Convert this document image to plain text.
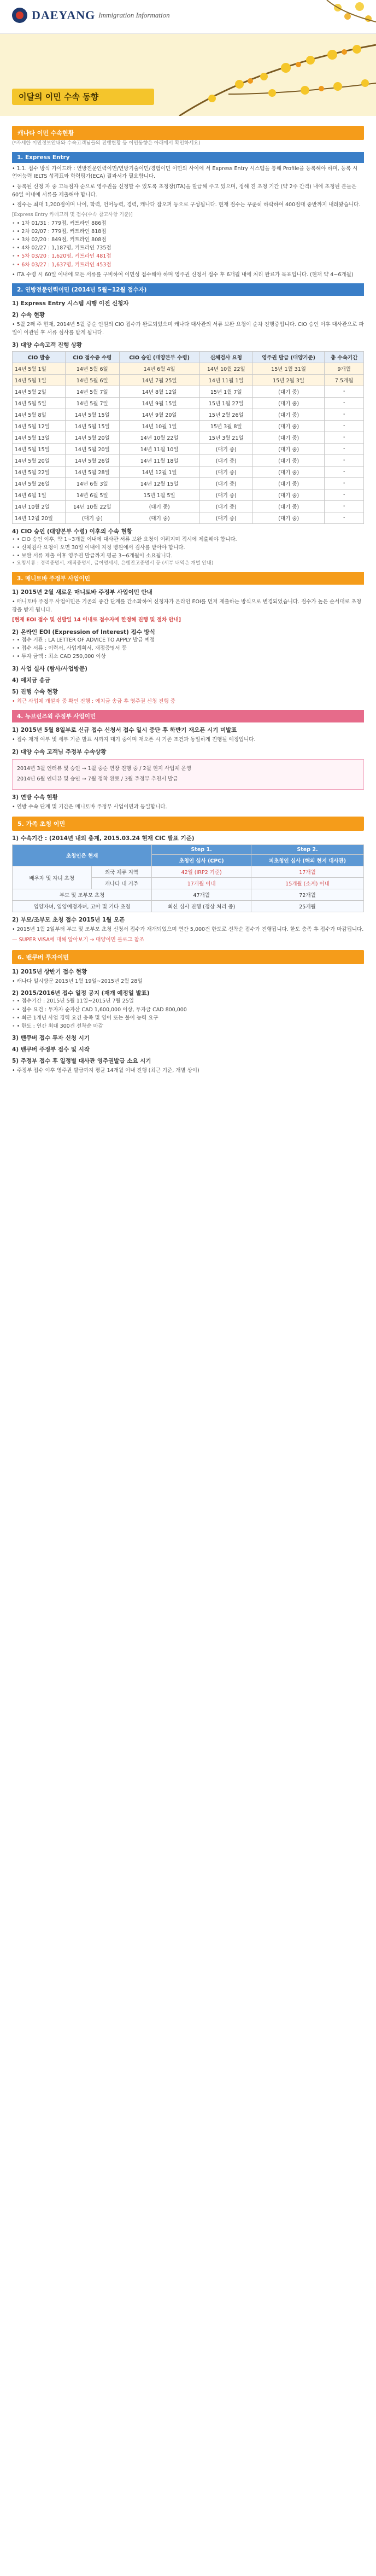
DAEYANG Immigration Information
이달의 이민 수속 동향
캐나다 이민 수속현황

(*자세한 이민정보안내와 수속고객님들의 진행현황 등 이민동향은 아래에서 확인하세요)

1. Express Entry

• 1.1. 접수 방식 가이드라 : 연방전문인력이민/연방기술이민/경험이민 이민의 사이에 서 Express Entry 시스템을 통해 Profile을 등록해야 하며, 등록 시 언어능력 IELTS 성적표와 학력평가(ECA) 결과서가 필요합니다.

• 등록된 신청 자 중 고득점자 순으로 영주권을 신청할 수 있도록 초청장(ITA)을 발급해 주고 있으며, 정해 진 초청 기간 (약 2주 간격) 내에 초청된 분들은 60일 이내에 서류를 제출해야 합니다.

• 점수는 최대 1,200점이며 나이, 학력, 언어능력, 경력, 캐나다 잡오퍼 등으로 구성됩니다. 현재 점수는 꾸준히 하락하여 400점대 중반까지 내려왔습니다.

[Express Entry 카테고리 및 점수(수속 참고사항 기준)]

• • 1차 01/31 : 779점, 커트라인 886점
• • 2차 02/07 : 779점, 커트라인 818점
• • 3차 02/20 : 849점, 커트라인 808점
• • 4차 02/27 : 1,187명, 커트라인 735점
• • 5차 03/20 : 1,620명, 커트라인 481점
• • 6차 03/27 : 1,637명, 커트라인 453점

• ITA 수령 시 60일 이내에 모든 서류를 구비하여 이민성 접수해야 하며 영주권 신청서 접수 후 6개월 내에 처리 완료가 목표입니다. (현재 약 4~6개월)

2. 연방전문인력이민 (2014년 5월~12월 접수자)

1) Express Entry 시스템 시행 이전 신청자

2) 수속 현황

• 5월 2째 주 현재, 2014년 5월 중순 인원의 CIO 접수가 완료되었으며 캐나다 대사관의 서류 보완 요청이 순차 진행중입니다. CIO 승인 이후 대사관으로 파일이 이관된 후 서류 심사를 받게 됩니다.

3) 대양 수속고객 진행 상황

CIO 발송	CIO 접수증 수령	CIO 승인 (대양본부 수령)	신체검사 요청	영주권 발급 (대양기준)	총 수속기간
14년 5월 1일	14년 5월 6일	14년 6월 4일	14년 10월 22일	15년 1월 31일	9개월
14년 5월 1일	14년 5월 6일	14년 7월 25일	14년 11월 1일	15년 2월 3일	7.5개월
14년 5월 2일	14년 5월 7일	14년 8월 12일	15년 1월 7일	(대기 중)	-
14년 5월 5일	14년 5월 7일	14년 9월 15일	15년 1월 27일	(대기 중)	-
14년 5월 8일	14년 5월 15일	14년 9월 20일	15년 2월 26일	(대기 중)	-
14년 5월 12일	14년 5월 15일	14년 10월 1일	15년 3월 8일	(대기 중)	-
14년 5월 13일	14년 5월 20일	14년 10월 22일	15년 3월 21일	(대기 중)	-
14년 5월 15일	14년 5월 20일	14년 11월 10일	(대기 중)	(대기 중)	-
14년 5월 20일	14년 5월 26일	14년 11월 18일	(대기 중)	(대기 중)	-
14년 5월 22일	14년 5월 28일	14년 12월 1일	(대기 중)	(대기 중)	-
14년 5월 26일	14년 6월 3일	14년 12월 15일	(대기 중)	(대기 중)	-
14년 6월 1일	14년 6월 5일	15년 1월 5일	(대기 중)	(대기 중)	-
14년 10월 2일	14년 10월 22일	(대기 중)	(대기 중)	(대기 중)	-
14년 12월 20일	(대기 중)	(대기 중)	(대기 중)	(대기 중)	-

4) CIO 승인 (대양본부 수령) 이후의 수속 현황

• • CIO 승인 이후, 약 1~3개월 이내에 대사관 서류 보완 요청이 이뤄지며 적시에 제출해야 합니다.
• • 신체검사 요청이 오면 30일 이내에 지정 병원에서 검사를 받아야 합니다.
• • 보완 서류 제출 이후 영주권 발급까지 평균 3~6개월이 소요됩니다.

• 요청서류 : 경력증명서, 재직증명서, 급여명세서, 은행잔고증명서 등 (세부 내역은 개별 안내)

3. 매니토바 주정부 사업이민

1) 2015년 2월 새로운 매니토바 주정부 사업이민 안내

• 매니토바 주정부 사업이민은 기존의 중간 단계를 간소화하여 신청자가 온라인 EOI를 먼저 제출하는 방식으로 변경되었습니다. 점수가 높은 순서대로 초청장을 받게 됩니다.

[현재 EOI 접수 및 선발일 14 이내로 접수자에 한정해 진행 및 절차 안내]

2) 온라인 EOI (Expression of Interest) 접수 방식

• • 접수 기관 : LA LETTER OF ADVICE TO APPLY 발급 예정
• • 접수 서류 : 이력서, 사업계획서, 재정증명서 등
• • 투자 금액 : 최소 CAD 250,000 이상

3) 사업 실사 (탐사/사업방문)

4) 예치금 송금

5) 진행 수속 현황

• 최근 사업체 개설자 중 확인 진행 : 예치금 송금 후 영주권 신청 진행 중

4. 뉴브런즈윅 주정부 사업이민

1) 2015년 5월 8일부로 신규 접수 신청서 접수 일시 중단 후 하반기 재오픈 시기 미발표

• 접수 재개 여부 및 세부 기준 발표 시까지 대기 중이며 재오픈 시 기존 조건과 동일하게 진행될 예정입니다.

2) 대양 수속 고객님 주정부 수속상황

2014년 3월 인터뷰 및 승인 → 1월 중순 연장 진행 중 / 2월 현지 사업체 운영

2014년 6월 인터뷰 및 승인 → 7월 정착 완료 / 3월 주정부 추천서 발급

3) 연방 수속 현황

• 연방 수속 단계 및 기간은 매니토바 주정부 사업이민과 동일합니다.

5. 가족 초청 이민

1) 수속기간 : (2014년 내외 총계, 2015.03.24 현재 CIC 발표 기준)

초청인은 현재		Step 1.	Step 2.
		초청인 심사 (CPC)	피초청인 심사 (해외 현지 대사관)
배우자 및 자녀 초청	외국 체류 지역	42일 (IRP2 기준)	17개월
	캐나다 내 거주	17개월 이내	15개월 (소계) 이내
부모 및 조부모 초청		47개월	72개월
입양자녀, 입양예정자녀, 고아 및 기타 초청		최신 심사 진행 (정상 처리 중)	25개월

2) 부모/조부모 초청 접수 2015년 1월 오픈

• 2015년 1월 2일부터 부모 및 조부모 초청 신청서 접수가 재개되었으며 연간 5,000건 한도로 선착순 접수가 진행됩니다. 한도 충족 후 접수가 마감됩니다.

— SUPER VISA에 대해 알아보기 → 대양이민 블로그 참조

6. 밴쿠버 투자이민

1) 2015년 상반기 접수 현황

• 캐나다 일시방문 2015년 1월 19일~2015년 2월 28일

2) 2015/2016년 접수 일정 공지 (재개 예정일 발표)

• • 접수기간 : 2015년 5월 11일~2015년 7월 25일
• • 접수 요건 : 투자자 순자산 CAD 1,600,000 이상, 투자금 CAD 800,000
• • 최근 1개년 사업 경력 요건 충족 및 영어 또는 불어 능력 요구
• • 한도 : 연간 최대 300건 선착순 마감

3) 밴쿠버 접수 투자 신청 시기

4) 밴쿠버 주정부 접수 및 시작

5) 주정부 접수 후 일정별 대사관 영주권발급 소요 시기

• 주정부 접수 이후 영주권 발급까지 평균 14개월 이내 진행 (최근 기준, 개별 상이)
